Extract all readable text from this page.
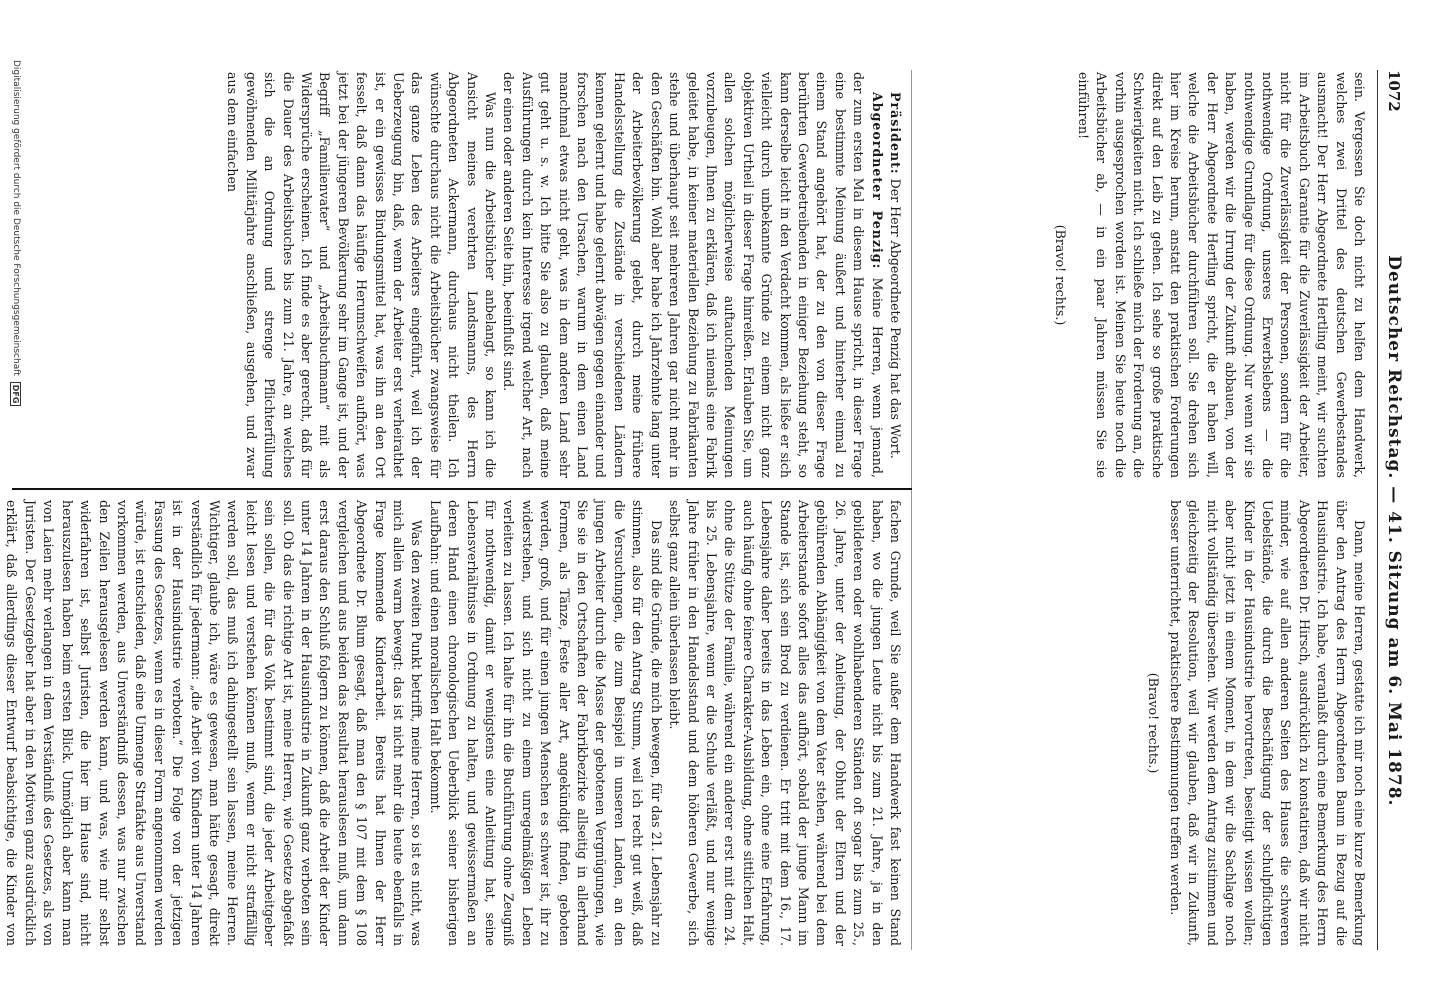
1072
Deutscher Reichstag. — 41. Sitzung am 6. Mai 1878.

sein. Vergessen Sie doch nicht zu helfen dem Handwerk, welches zwei Drittel des deutschen Gewerbestandes ausmacht! Der Herr Abgeordnete Hertling meint, wir suchten im Arbeitsbuch Garantie für die Zuverlässigkeit der Arbeiter, nicht für die Zuverlässigkeit der Personen, sondern für die nothwendige Ordnung, unseres Erwerbslebens — die nothwendige Grundlage für diese Ordnung. Nur wenn wir sie haben, werden wir die Irrung der Zukunft abbauen, von der der Herr Abgeordnete Hertling spricht, die er haben will, welche die Arbeitsbücher durchführen soll. Sie drehen sich hier im Kreise herum, anstatt den praktischen Forderungen direkt auf den Leib zu gehen. Ich sehe so große praktische Schwierigkeiten nicht. Ich schließe mich der Forderung an, die vorhin ausgesprochen worden ist. Meinen Sie heute noch die Arbeitsbücher ab, — in ein paar Jahren müssen Sie sie einführen!

(Bravo! rechts.)

Dann, meine Herren, gestatte ich mir noch eine kurze Bemerkung über den Antrag des Herrn Abgeordneten Baum in Bezug auf die Hausindustrie. Ich habe, veranlaßt durch eine Bemerkung des Herrn Abgeordneten Dr. Hirsch, ausdrücklich zu konstatiren, daß wir nicht minder, wie auf allen anderen Seiten des Hauses die schweren Uebelstände, die durch die Beschäftigung der schulpflichtigen Kinder in der Hausindustrie hervortreten, beseitigt wissen wollen; aber nicht jetzt in einem Moment, in dem wir die Sachlage noch nicht vollständig übersehen. Wir werden dem Antrag zustimmen und gleichzeitig der Resolution, weil wir glauben, daß wir in Zukunft, besser unterrichtet, praktischere Bestimmungen treffen werden.

(Bravo! rechts.)

Präsident: Der Herr Abgeordnete Penzig hat das Wort.

Abgeordneter Penzig: Meine Herren, wenn jemand, der zum ersten Mal in diesem Hause spricht, in dieser Frage eine bestimmte Meinung äußert und hinterher einmal zu einem Stand angehört hat, der zu den von dieser Frage berührten Gewerbetreibenden in einiger Beziehung steht, so kann derselbe leicht in den Verdacht kommen, als ließe er sich vielleicht durch unbekannte Gründe zu einem nicht ganz objektiven Urtheil in dieser Frage hinreißen. Erlauben Sie, um allen solchen möglicherweise auftauchenden Meinungen vorzubeugen, Ihnen zu erklären, daß ich niemals eine Fabrik geleitet habe, in keiner materiellen Beziehung zu Fabrikanten stehe und überhaupt seit mehreren Jahren gar nicht mehr in den Geschäften bin. Wohl aber habe ich Jahrzehnte lang unter der Arbeiterbevölkerung gelebt, durch meine frühere Handelsstellung die Zustände in verschiedenen Ländern kennen gelernt und habe gelernt abwägen gegen einander und forschen nach den Ursachen, warum in dem einen Land manchmal etwas nicht geht, was in dem anderen Land sehr gut geht u. s. w. Ich bitte Sie also zu glauben, daß meine Ausführungen durch kein Interesse irgend welcher Art, nach der einen oder anderen Seite hin, beeinflußt sind.

Was nun die Arbeitsbücher anbelangt, so kann ich die Ansicht meines verehrten Landsmanns, des Herrn Abgeordneten Ackermann, durchaus nicht theilen. Ich wünschte durchaus nicht die Arbeitsbücher zwangsweise für das ganze Leben des Arbeiters eingeführt, weil ich der Ueberzeugung bin, daß, wenn der Arbeiter erst verheirathet ist, er ein gewisses Bindungsmittel hat, was ihn an den Ort fesselt, daß dann das häufige Herumschweifen aufhört, was jetzt bei der jüngeren Bevölkerung sehr im Gange ist, und der Begriff „Familienvater“ und „Arbeitsbuchmann“ mit als Widersprüche erscheinen. Ich finde es aber gerecht, daß für die Dauer des Arbeitsbuches bis zum 21. Jahre, an welches sich die an Ordnung und strenge Pflichterfüllung gewöhnenden Militärjahre anschließen, ausgehen, und zwar aus dem einfachen

fachen Grunde, weil Sie außer dem Handwerk fast keinen Stand haben, wo die jungen Leute nicht bis zum 21. Jahre, ja in den gebildeteren oder wohlhabenderen Ständen oft sogar bis zum 25., 26. Jahre, unter der Anleitung, der Obhut der Eltern und der gebührenden Abhängigkeit von dem Vater stehen, während bei dem Arbeiterstande sofort alles das aufhört, sobald der junge Mann im Stande ist, sich sein Brod zu verdienen. Er tritt mit dem 16., 17. Lebensjahre daher bereits in das Leben ein, ohne eine Erfahrung, auch häufig ohne feinere Charakter-Ausbildung, ohne sittlichen Halt, ohne die Stütze der Familie, während ein anderer erst mit dem 24. bis 25. Lebensjahre, wenn er die Schule verläßt, und nur wenige Jahre früher in den Handelsstand und dem höheren Gewerbe, sich selbst ganz allein überlassen bleibt.

Das sind die Gründe, die mich bewegen, für das 21. Lebensjahr zu stimmen, also für den Antrag Stumm, weil ich recht gut weiß, daß die Versuchungen, die zum Beispiel in unseren Landen, an den jungen Arbeiter durch die Masse der gebotenen Vergnügungen, wie Sie sie in den Ortschaften der Fabrikbezirke allseitig in allerhand Formen, als Tänze, Feste aller Art, angekündigt finden, geboten werden, groß, und für einen jungen Menschen es schwer ist, ihr zu widerstehen, und sich nicht zu einem unregelmäßigen Leben verleiten zu lassen. Ich halte für ihn die Buchführung ohne Zeugniß für nothwendig, damit er wenigstens eine Anleitung hat, seine Lebensverhältnisse in Ordnung zu halten, und gewissermaßen an deren Hand einen chronologischen Ueberblick seiner bisherigen Laufbahn: und einen moralischen Halt bekommt.

Was den zweiten Punkt betrifft, meine Herren, so ist es nicht, was mich allein warm bewegt: das ist nicht mehr die heute ebenfalls in Frage kommende Kinderarbeit. Bereits hat Ihnen der Herr Abgeordnete Dr. Blum gesagt, daß man den § 107 mit dem § 108 vergleichen und aus beiden das Resultat herauslesen muß, um dann erst daraus den Schluß folgern zu können, daß die Arbeit der Kinder unter 14 Jahren in der Hausindustrie in Zukunft ganz verboten sein soll. Ob das die richtige Art ist, meine Herren, wie Gesetze abgefaßt sein sollen, die für das Volk bestimmt sind, die jeder Arbeitgeber leicht lesen und verstehen können muß, wenn er nicht straffällig werden soll, das muß ich dahingestellt sein lassen, meine Herren. Wichtiger, glaube ich, wäre es gewesen, man hätte gesagt, direkt verständlich für jedermann: „die Arbeit von Kindern unter 14 Jahren ist in der Hausindustrie verboten.“ Die Folge von der jetzigen Fassung des Gesetzes, wenn es in dieser Form angenommen werden würde, ist entschieden, daß eine Unmenge Strafakte aus Unverstand vorkommen werden, aus Unverständniß dessen, was nur zwischen den Zeilen herausgelesen werden kann, und was, wie mir selbst widerfahren ist, selbst Juristen, die hier im Hause sind, nicht herauszulesen haben beim ersten Blick. Unmöglich aber kann man von Laien mehr verlangen in dem Verständniß des Gesetzes, als von Juristen. Der Gesetzgeber hat aber in den Motiven ganz ausdrücklich erklärt, daß allerdings dieser Entwurf beabsichtige, die Kinder von

Digitalisierung gefördert durch die Deutsche Forschungsgemeinschaft
DFG
